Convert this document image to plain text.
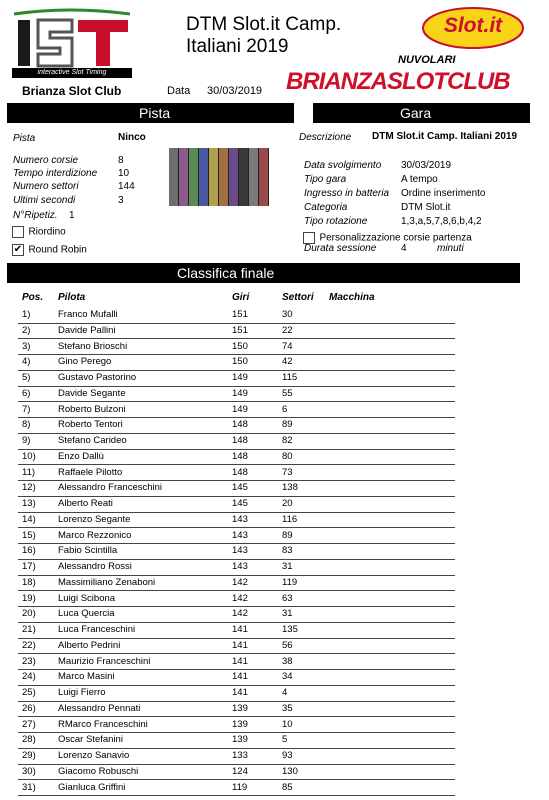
interactive Slot Timing
Brianza Slot Club
DTM Slot.it Camp.
Italiani 2019
Data 30/03/2019
Slot.it
NUVOLARI
BRIANZASLOTCLUB
Pista	Gara
Pista	Ninco
Numero corsie	8
Tempo interdizione 10
Numero settori	144
Ultimi secondi	3
N°Ripetiz. 1
Riordino
✔ Round Robin
Descrizione DTM Slot.it Camp. Italiani 2019
Data svolgimento 30/03/2019
Tipo gara	A tempo
Ingresso in batteria Ordine inserimento
Categoria	DTM Slot.it
Tipo rotazione	1,3,a,5,7,8,6,b,4,2
Personalizzazione corsie partenza
Durata sessione 4	minuti
Classifica finale
Pos. Pilota	Giri	Settori Macchina
1)	Franco Mufalli	151	30
2)	Davide Pallini	151	22
3)	Stefano Brioschi	150	74
4)	Gino Perego	150	42
5)	Gustavo Pastorino	149	115
6)	Davide Segante	149	55
7)	Roberto Bulzoni	149	6
8)	Roberto Tentori	148	89
9)	Stefano Carideo	148	82
10) Enzo Dallù	148	80
11) Raffaele Pilotto	148	73
12) Alessandro Franceschini	145	138
13) Alberto Reati	145	20
14) Lorenzo Segante	143	116
15) Marco Rezzonico	143	89
16) Fabio Scintilla	143	83
17) Alessandro Rossi	143	31
18) Massimiliano Zenaboni	142	119
19) Luigi Scibona	142	63
20) Luca Quercia	142	31
21) Luca Franceschini	141	135
22) Alberto Pedrini	141	56
23) Maurizio Franceschini	141	38
24) Marco Masini	141	34
25) Luigi Fierro	141	4
26) Alessandro Pennati	139	35
27) RMarco Franceschini	139	10
28) Oscar Stefanini	139	5
29) Lorenzo Sanavio	133	93
30) Giacomo Robuschi	124	130
31) Gianluca Griffini	119	85
